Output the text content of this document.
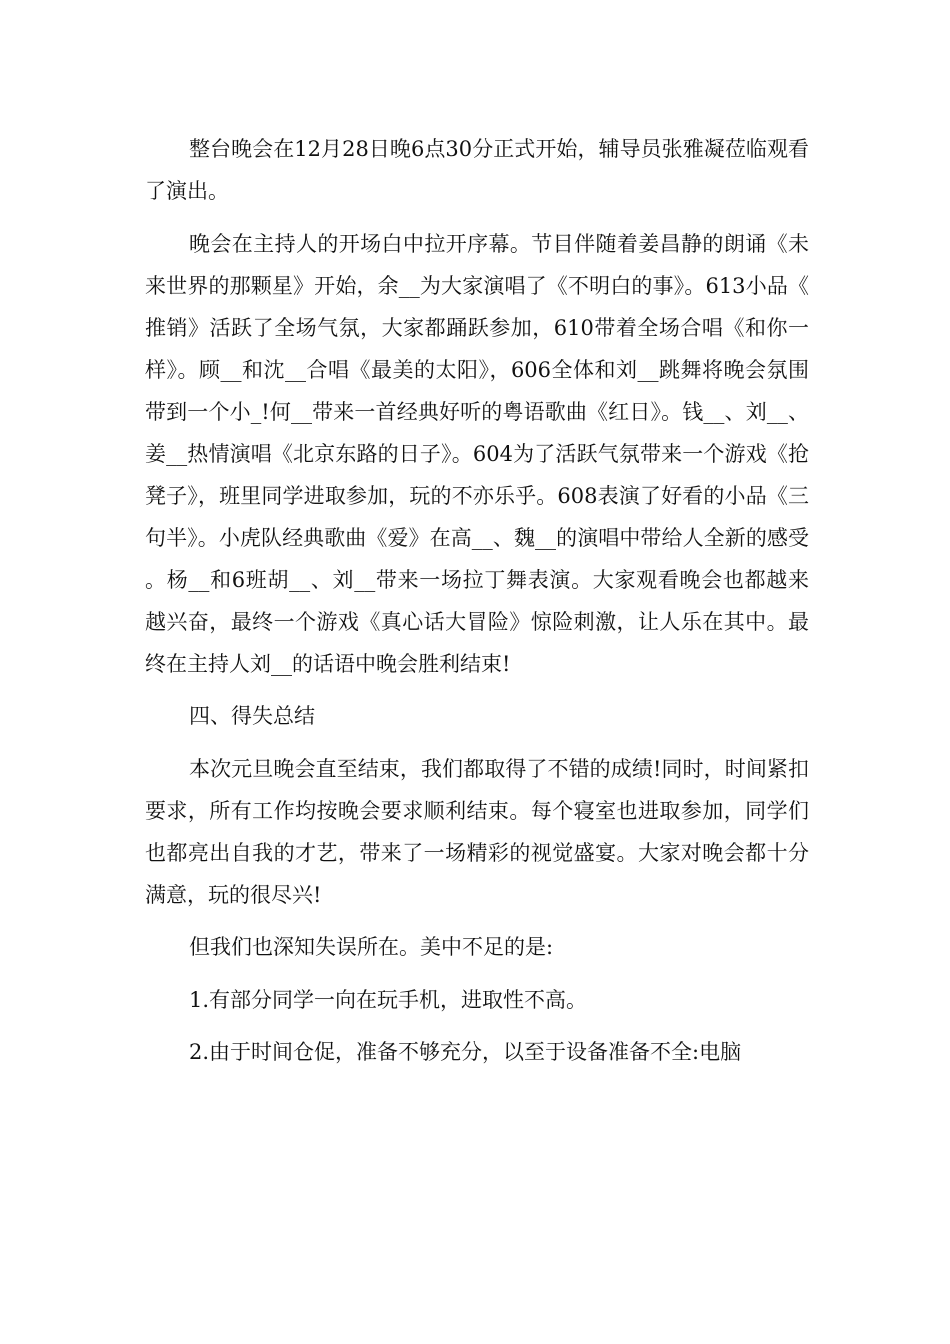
整台晚会在12月28日晚6点30分正式开始，辅导员张雅凝莅临观看了演出。

晚会在主持人的开场白中拉开序幕。节目伴随着姜昌静的朗诵《未来世界的那颗星》开始，余__为大家演唱了《不明白的事》。613小品《推销》活跃了全场气氛，大家都踊跃参加，610带着全场合唱《和你一样》。顾__和沈__合唱《最美的太阳》，606全体和刘__跳舞将晚会氛围带到一个小_!何__带来一首经典好听的粤语歌曲《红日》。钱__、刘__、姜__热情演唱《北京东路的日子》。604为了活跃气氛带来一个游戏《抢凳子》，班里同学进取参加，玩的不亦乐乎。608表演了好看的小品《三句半》。小虎队经典歌曲《爱》在高__、魏__的演唱中带给人全新的感受。杨__和6班胡__、刘__带来一场拉丁舞表演。大家观看晚会也都越来越兴奋，最终一个游戏《真心话大冒险》惊险刺激，让人乐在其中。最终在主持人刘__的话语中晚会胜利结束!

四、得失总结

本次元旦晚会直至结束，我们都取得了不错的成绩!同时，时间紧扣要求，所有工作均按晚会要求顺利结束。每个寝室也进取参加，同学们也都亮出自我的才艺，带来了一场精彩的视觉盛宴。大家对晚会都十分满意，玩的很尽兴!

但我们也深知失误所在。美中不足的是:

1.有部分同学一向在玩手机，进取性不高。

2.由于时间仓促，准备不够充分，以至于设备准备不全:电脑
